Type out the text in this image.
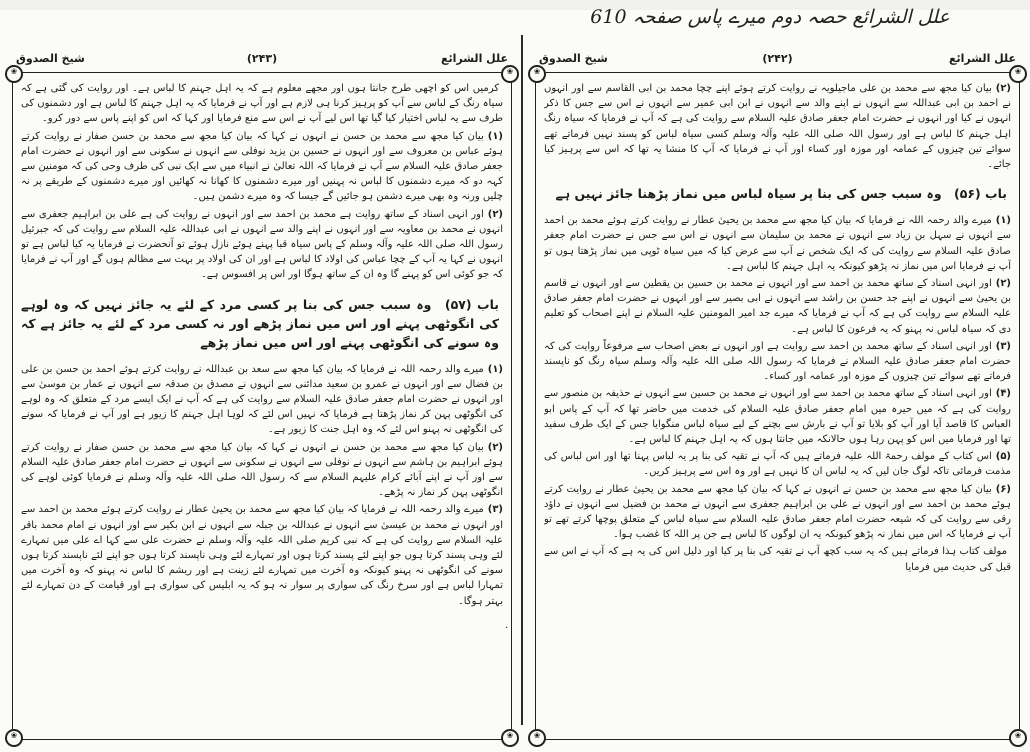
علل الشرائع حصہ دوم میرے پاس صفحہ 610
علل الشرائع
(۲۴۳)
شیخ الصدوق
❀	❀
❀	❀

کرمیں اس کو اچھی طرح جانتا ہوں اور مجھے معلوم ہے کہ یہ اہل جہنم کا لباس ہے۔ اور روایت کی گئی ہے کہ سیاہ رنگ کے لباس سے آپ کو پرہیز کرنا ہی لازم ہے اور آپ نے فرمایا کہ یہ اہل جہنم کا لباس ہے اور دشمنوں کی طرف سے یہ لباس اختیار کیا گیا تھا اس لیے آپ نے اس سے منع فرمایا اور کہا کہ اس کو اپنے پاس سے دور کرو۔

(۱)بیان کیا مجھ سے محمد بن حسن نے انہوں نے کہا کہ بیان کیا مجھ سے محمد بن حسن صفار نے روایت کرتے ہوئے عباس بن معروف سے اور انہوں نے حسین بن یزید نوفلی سے انہوں نے سکونی سے اور انہوں نے حضرت امام جعفر صادق علیہ السلام سے آپ نے فرمایا کہ اللہ تعالیٰ نے انبیاء میں سے ایک نبی کی طرف وحی کی کہ مومنین سے کہہ دو کہ میرے دشمنوں کا لباس نہ پہنیں اور میرے دشمنوں کا کھانا نہ کھائیں اور میرے دشمنوں کے طریقے پر نہ چلیں ورنہ وہ بھی میرے دشمن ہو جائیں گے جیسا کہ وہ میرے دشمن ہیں۔

(۲)اور انہی اسناد کے ساتھ روایت ہے محمد بن احمد سے اور انہوں نے روایت کی ہے علی بن ابراہیم جعفری سے انہوں نے محمد بن معاویہ سے اور انہوں نے اپنے والد سے انہوں نے ابی عبداللہ علیہ السلام سے روایت کی کہ جبرئیل رسول اللہ صلی اللہ علیہ وآلہ وسلم کے پاس سیاہ قبا پہنے ہوئے نازل ہوئے تو آنحضرت نے فرمایا یہ کیا لباس ہے تو انہوں نے کہا یہ آپ کے چچا عباس کی اولاد کا لباس ہے اور ان کی اولاد پر بہت سے مظالم ہوں گے اور آپ نے فرمایا کہ جو کوئی اس کو پہنے گا وہ ان کے ساتھ ہوگا اور اس پر افسوس ہے۔

باب (۵۷) وہ سبب جس کی بنا پر کسی مرد کے لئے یہ جائز نہیں کہ وہ لوہے کی انگوٹھی پہنے اور اس میں نماز پڑھے اور نہ کسی مرد کے لئے یہ جائز ہے کہ وہ سونے کی انگوٹھی پہنے اور اس میں نماز پڑھے

(۱)میرے والد رحمہ اللہ نے فرمایا کہ بیان کیا مجھ سے سعد بن عبداللہ نے روایت کرتے ہوئے احمد بن حسن بن علی بن فضال سے اور انہوں نے عمرو بن سعید مدائنی سے انہوں نے مصدق بن صدقہ سے انہوں نے عمار بن موسیٰ سے اور انہوں نے حضرت امام جعفر صادق علیہ السلام سے روایت کی ہے کہ آپ نے ایک ایسے مرد کے متعلق کہ وہ لوہے کی انگوٹھی پہن کر نماز پڑھتا ہے فرمایا کہ نہیں اس لئے کہ لوہا اہل جہنم کا زیور ہے اور آپ نے فرمایا کہ سونے کی انگوٹھی نہ پہنو اس لئے کہ وہ اہل جنت کا زیور ہے۔

(۲)بیان کیا مجھ سے محمد بن حسن نے انہوں نے کہا کہ بیان کیا مجھ سے محمد بن حسن صفار نے روایت کرتے ہوئے ابراہیم بن ہاشم سے انہوں نے نوفلی سے انہوں نے سکونی سے انہوں نے حضرت امام جعفر صادق علیہ السلام سے اور آپ نے اپنے آبائے کرام علیہم السلام سے کہ رسول اللہ صلی اللہ علیہ وآلہ وسلم نے فرمایا کوئی لوہے کی انگوٹھی پہن کر نماز نہ پڑھے۔

(۳)میرے والد رحمہ اللہ نے فرمایا کہ بیان کیا مجھ سے محمد بن یحییٰ عطار نے روایت کرتے ہوئے محمد بن احمد سے اور انہوں نے محمد بن عیسیٰ سے انہوں نے عبداللہ بن جبلہ سے انہوں نے ابن بکیر سے اور انہوں نے امام محمد باقر علیہ السلام سے روایت کی ہے کہ نبی کریم صلی اللہ علیہ وآلہ وسلم نے حضرت علی سے کہا اے علی میں تمہارے لئے وہی پسند کرتا ہوں جو اپنے لئے پسند کرتا ہوں اور تمہارے لئے وہی ناپسند کرتا ہوں جو اپنے لئے ناپسند کرتا ہوں سونے کی انگوٹھی نہ پہنو کیونکہ وہ آخرت میں تمہارے لئے زینت ہے اور ریشم کا لباس نہ پہنو کہ وہ آخرت میں تمہارا لباس ہے اور سرخ رنگ کی سواری پر سوار نہ ہو کہ یہ ابلیس کی سواری ہے اور قیامت کے دن تمہارے لئے بہتر ہوگا۔

·
علل الشرائع
(۲۴۲)
شیخ الصدوق
❀	❀
❀	❀

(۲)بیان کیا مجھ سے محمد بن علی ماجیلویہ نے روایت کرتے ہوئے اپنے چچا محمد بن ابی القاسم سے اور انہوں نے احمد بن ابی عبداللہ سے انہوں نے اپنے والد سے انہوں نے ابن ابی عمیر سے انہوں نے اس سے جس کا ذکر انہوں نے کیا اور انہوں نے حضرت امام جعفر صادق علیہ السلام سے روایت کی ہے کہ آپ نے فرمایا کہ سیاہ رنگ اہل جہنم کا لباس ہے اور رسول اللہ صلی اللہ علیہ وآلہ وسلم کسی سیاہ لباس کو پسند نہیں فرماتے تھے سوائے تین چیزوں کے عمامہ اور موزہ اور کساء اور آپ نے فرمایا کہ آپ کا منشا یہ تھا کہ اس سے پرہیز کیا جائے۔

باب (۵۶) وہ سبب جس کی بنا پر سیاہ لباس میں نماز پڑھنا جائز نہیں ہے

(۱)میرے والد رحمہ اللہ نے فرمایا کہ بیان کیا مجھ سے محمد بن یحییٰ عطار نے روایت کرتے ہوئے محمد بن احمد سے انہوں نے سہل بن زیاد سے انہوں نے محمد بن سلیمان سے انہوں نے اس سے جس نے حضرت امام جعفر صادق علیہ السلام سے روایت کی کہ ایک شخص نے آپ سے عرض کیا کہ میں سیاہ ٹوپی میں نماز پڑھتا ہوں تو آپ نے فرمایا اس میں نماز نہ پڑھو کیونکہ یہ اہل جہنم کا لباس ہے۔

(۲)اور انہی اسناد کے ساتھ محمد بن احمد سے اور انہوں نے محمد بن حسین بن یقطین سے اور انہوں نے قاسم بن یحییٰ سے انہوں نے اپنے جد حسن بن راشد سے انہوں نے ابی بصیر سے اور انہوں نے حضرت امام جعفر صادق علیہ السلام سے روایت کی ہے کہ آپ نے فرمایا کہ میرے جد امیر المومنین علیہ السلام نے اپنے اصحاب کو تعلیم دی کہ سیاہ لباس نہ پہنو کہ یہ فرعون کا لباس ہے۔

(۳)اور انہی اسناد کے ساتھ محمد بن احمد سے روایت ہے اور انہوں نے بعض اصحاب سے مرفوعاً روایت کی کہ حضرت امام جعفر صادق علیہ السلام نے فرمایا کہ رسول اللہ صلی اللہ علیہ وآلہ وسلم سیاہ رنگ کو ناپسند فرماتے تھے سوائے تین چیزوں کے موزہ اور عمامہ اور کساء۔

(۴)اور انہی اسناد کے ساتھ محمد بن احمد سے اور انہوں نے محمد بن حسین سے انہوں نے حذیفہ بن منصور سے روایت کی ہے کہ میں حیرہ میں امام جعفر صادق علیہ السلام کی خدمت میں حاضر تھا کہ آپ کے پاس ابو العباس کا قاصد آیا اور آپ کو بلایا تو آپ نے بارش سے بچنے کے لیے سیاہ لباس منگوایا جس کے ایک طرف سفید تھا اور فرمایا میں اس کو پہن رہا ہوں حالانکہ میں جانتا ہوں کہ یہ اہل جہنم کا لباس ہے۔

(۵)اس کتاب کے مولف رحمۃ اللہ علیہ فرماتے ہیں کہ آپ نے تقیہ کی بنا پر یہ لباس پہنا تھا اور اس لباس کی مذمت فرمائی تاکہ لوگ جان لیں کہ یہ لباس ان کا نہیں ہے اور وہ اس سے پرہیز کریں۔

(۶)بیان کیا مجھ سے محمد بن حسن نے انہوں نے کہا کہ بیان کیا مجھ سے محمد بن یحییٰ عطار نے روایت کرتے ہوئے محمد بن احمد سے اور انہوں نے علی بن ابراہیم جعفری سے انہوں نے محمد بن فضیل سے انہوں نے داؤد رقی سے روایت کی کہ شیعہ حضرت امام جعفر صادق علیہ السلام سے سیاہ لباس کے متعلق پوچھا کرتے تھے تو آپ نے فرمایا کہ اس میں نماز نہ پڑھو کیونکہ یہ ان لوگوں کا لباس ہے جن پر اللہ کا غضب ہوا۔

مولف کتاب ہذا فرماتے ہیں کہ یہ سب کچھ آپ نے تقیہ کی بنا پر کیا اور دلیل اس کی یہ ہے کہ آپ نے اس سے قبل کی حدیث میں فرمایا
